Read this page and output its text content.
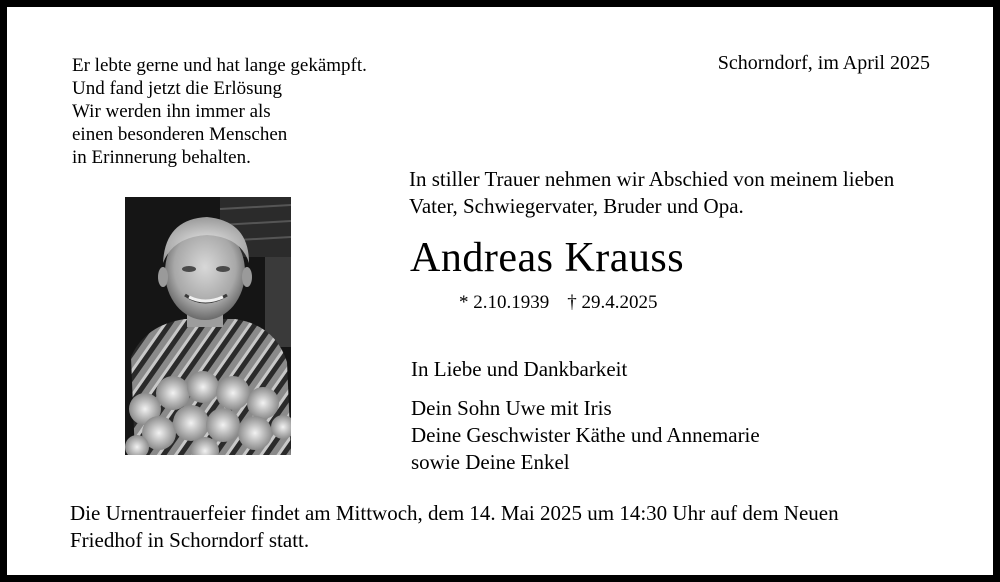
Er lebte gerne und hat lange gekämpft.
Und fand jetzt die Erlösung
Wir werden ihn immer als
einen besonderen Menschen
in Erinnerung behalten.
Schorndorf, im April 2025
In stiller Trauer nehmen wir Abschied von meinem lieben
Vater, Schwiegervater, Bruder und Opa.
Andreas Krauss
* 2.10.1939 † 29.4.2025
In Liebe und Dankbarkeit
Dein Sohn Uwe mit Iris
Deine Geschwister Käthe und Annemarie
sowie Deine Enkel
Die Urnentrauerfeier findet am Mittwoch, dem 14. Mai 2025 um 14:30 Uhr auf dem Neuen
Friedhof in Schorndorf statt.
